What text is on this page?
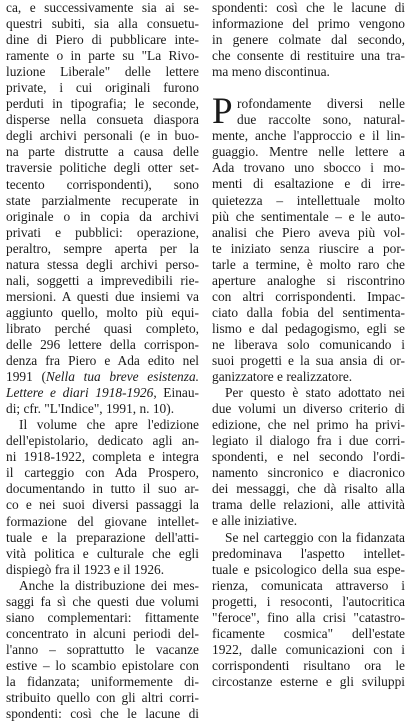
ca, e successivamente sia ai se-
questri subiti, sia alla consuetu-
dine di Piero di pubblicare inte-
ramente o in parte su "La Rivo-
luzione Liberale" delle lettere
private, i cui originali furono
perduti in tipografia; le seconde,
disperse nella consueta diaspora
degli archivi personali (e in buo-
na parte distrutte a causa delle
traversie politiche degli otter set-
tecento corrispondenti), sono
state parzialmente recuperate in
originale o in copia da archivi
privati e pubblici: operazione,
peraltro, sempre aperta per la
natura stessa degli archivi perso-
nali, soggetti a imprevedibili rie-
mersioni. A questi due insiemi va
aggiunto quello, molto più equi-
librato perché quasi completo,
delle 296 lettere della corrispon-
denza fra Piero e Ada edito nel
1991 (Nella tua breve esistenza.
Lettere e diari 1918-1926, Einau-
di; cfr. "L'Indice", 1991, n. 10).
Il volume che apre l'edizione
dell'epistolario, dedicato agli an-
ni 1918-1922, completa e integra
il carteggio con Ada Prospero,
documentando in tutto il suo ar-
co e nei suoi diversi passaggi la
formazione del giovane intellet-
tuale e la preparazione dell'atti-
vità politica e culturale che egli
dispiegò fra il 1923 e il 1926.
Anche la distribuzione dei mes-
saggi fa sì che questi due volumi
siano complementari: fittamente
concentrato in alcuni periodi del-
l'anno – soprattutto le vacanze
estive – lo scambio epistolare con
la fidanzata; uniformemente di-
stribuito quello con gli altri corri-
spondenti: così che le lacune di
spondenti: così che le lacune di
informazione del primo vengono
in genere colmate dal secondo,
che consente di restituire una tra-
ma meno discontinua.
P rofondamente diversi nelle
due raccolte sono, natural-
mente, anche l'approccio e il lin-
guaggio. Mentre nelle lettere a
Ada trovano uno sbocco i mo-
menti di esaltazione e di irre-
quietezza – intellettuale molto
più che sentimentale – e le auto-
analisi che Piero aveva più vol-
te iniziato senza riuscire a por-
tarle a termine, è molto raro che
aperture analoghe si riscontrino
con altri corrispondenti. Impac-
ciato dalla fobia del sentimenta-
lismo e dal pedagogismo, egli se
ne liberava solo comunicando i
suoi progetti e la sua ansia di or-
ganizzatore e realizzatore.
Per questo è stato adottato nei
due volumi un diverso criterio di
edizione, che nel primo ha privi-
legiato il dialogo fra i due corri-
spondenti, e nel secondo l'ordi-
namento sincronico e diacronico
dei messaggi, che dà risalto alla
trama delle relazioni, alle attività
e alle iniziative.
Se nel carteggio con la fidanzata
predominava l'aspetto intellet-
tuale e psicologico della sua espe-
rienza, comunicata attraverso i
progetti, i resoconti, l'autocritica
"feroce", fino alla crisi "catastro-
ficamente cosmica" dell'estate
1922, dalle comunicazioni con i
corrispondenti risultano ora le
circostanze esterne e gli sviluppi
